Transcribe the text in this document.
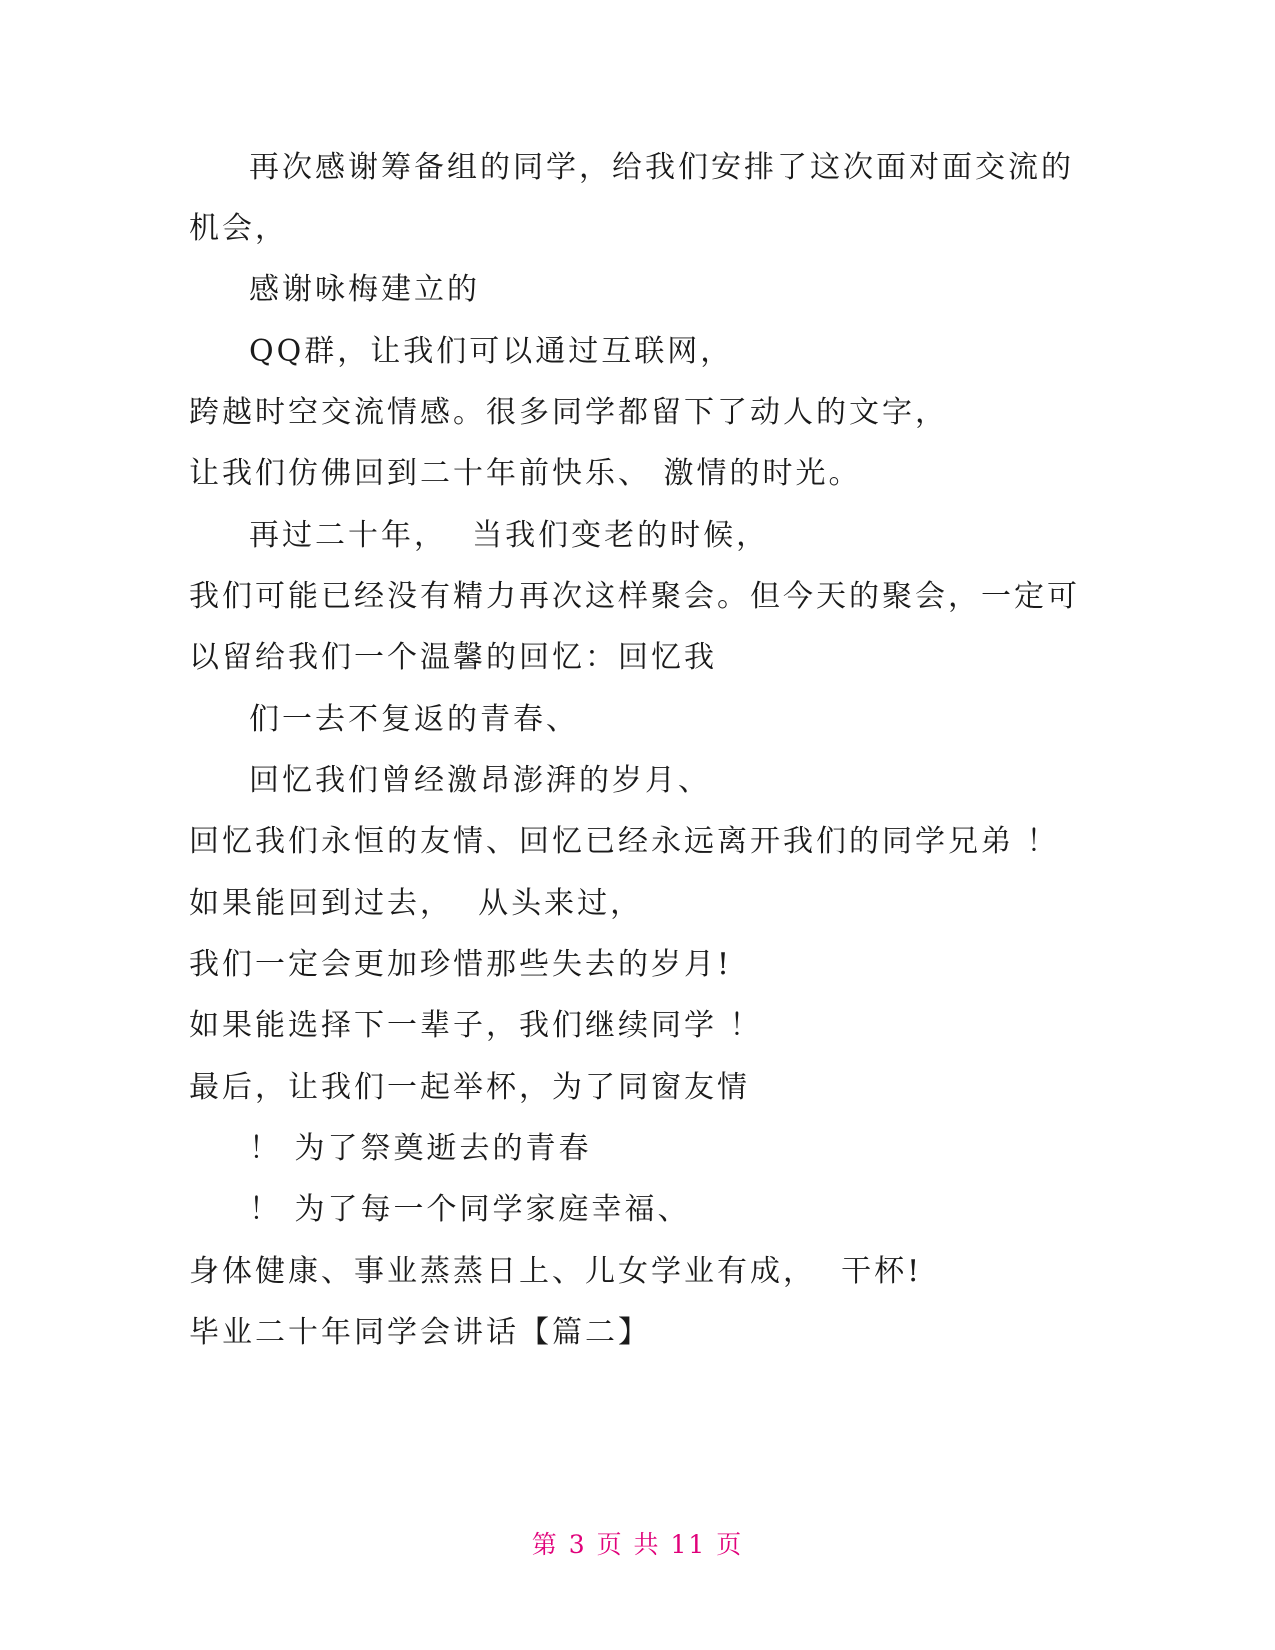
再次感谢筹备组的同学，给我们安排了这次面对面交流的
机会，
感谢咏梅建立的
QQ群，让我们可以通过互联网，
跨越时空交流情感。很多同学都留下了动人的文字，
让我们仿佛回到二十年前快乐、 激情的时光。
再过二十年，  当我们变老的时候，
我们可能已经没有精力再次这样聚会。但今天的聚会，一定可
以留给我们一个温馨的回忆：回忆我
们一去不复返的青春、
回忆我们曾经激昂澎湃的岁月、
回忆我们永恒的友情、回忆已经永远离开我们的同学兄弟 ！
如果能回到过去，  从头来过，
我们一定会更加珍惜那些失去的岁月!
如果能选择下一辈子，我们继续同学 ！
最后，让我们一起举杯，为了同窗友情
！ 为了祭奠逝去的青春
！ 为了每一个同学家庭幸福、
身体健康、事业蒸蒸日上、儿女学业有成，  干杯!
毕业二十年同学会讲话【篇二】
第 3 页 共 11 页
